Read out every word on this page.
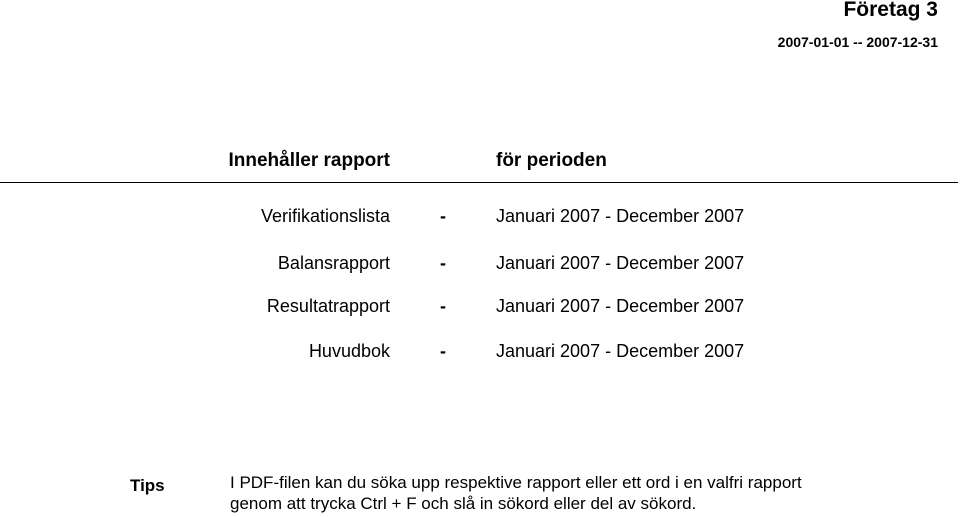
Företag 3
2007-01-01 -- 2007-12-31
Innehåller rapport	för perioden
Verifikationslista	-	Januari 2007 - December 2007
Balansrapport	-	Januari 2007 - December 2007
Resultatrapport	-	Januari 2007 - December 2007
Huvudbok	-	Januari 2007 - December 2007
Tips	I PDF-filen kan du söka upp respektive rapport eller ett ord i en valfri rapport genom att trycka Ctrl + F och slå in sökord eller del av sökord.
